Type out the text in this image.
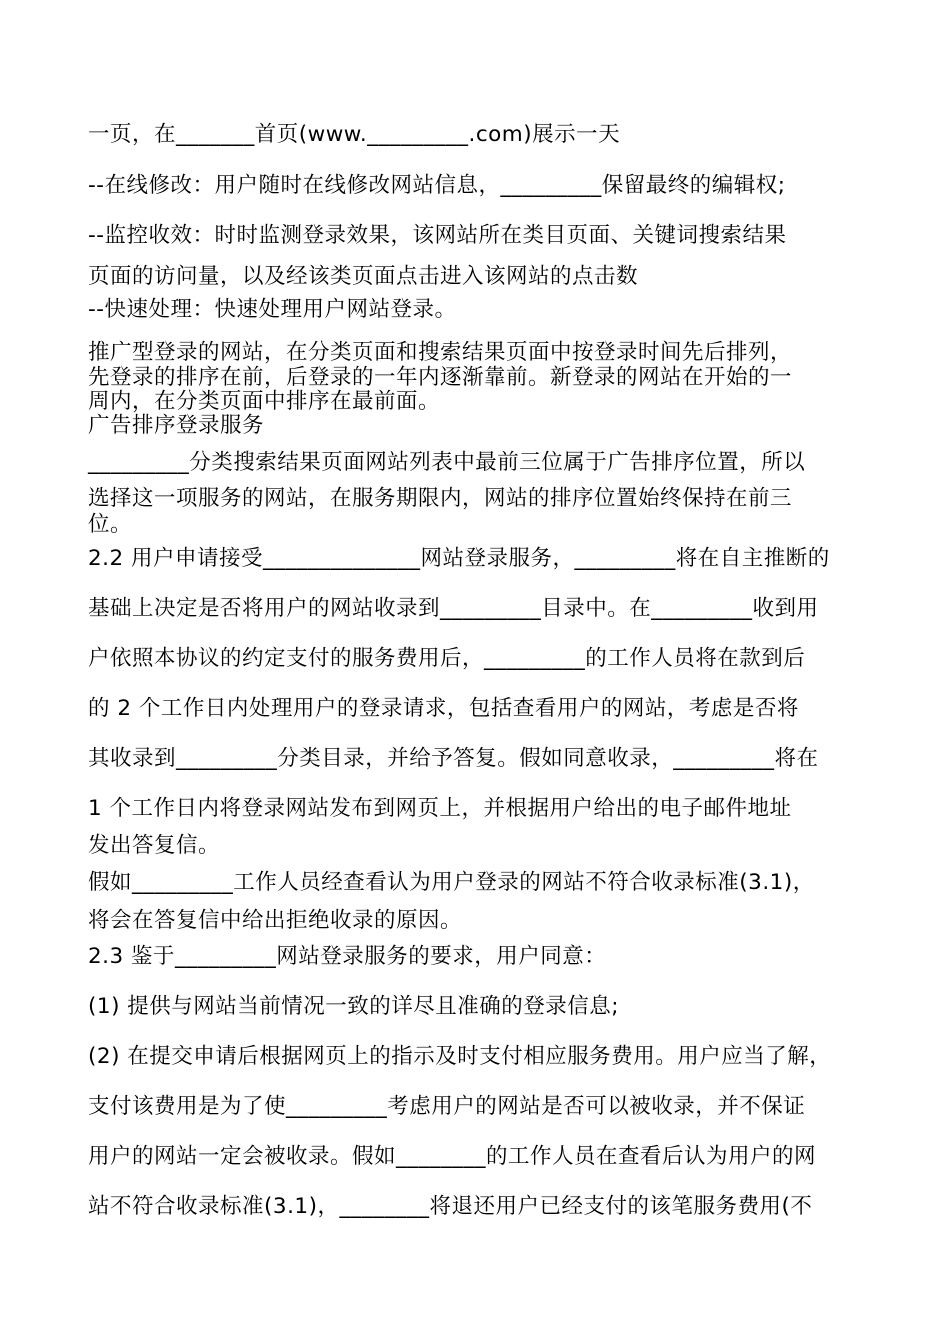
一页，在_______首页(www._________.com)展示一天
--在线修改：用户随时在线修改网站信息，_________保留最终的编辑权;
--监控收效：时时监测登录效果，该网站所在类目页面、关键词搜索结果
页面的访问量，以及经该类页面点击进入该网站的点击数
--快速处理：快速处理用户网站登录。
推广型登录的网站，在分类页面和搜索结果页面中按登录时间先后排列，
先登录的排序在前，后登录的一年内逐渐靠前。新登录的网站在开始的一
周内，在分类页面中排序在最前面。
广告排序登录服务
_________分类搜索结果页面网站列表中最前三位属于广告排序位置，所以
选择这一项服务的网站，在服务期限内，网站的排序位置始终保持在前三
位。
2.2 用户申请接受______________网站登录服务，_________将在自主推断的
基础上决定是否将用户的网站收录到_________目录中。在_________收到用
户依照本协议的约定支付的服务费用后，_________的工作人员将在款到后
的 2 个工作日内处理用户的登录请求，包括查看用户的网站，考虑是否将
其收录到_________分类目录，并给予答复。假如同意收录，_________将在
1 个工作日内将登录网站发布到网页上，并根据用户给出的电子邮件地址
发出答复信。
假如_________工作人员经查看认为用户登录的网站不符合收录标准(3.1)，
将会在答复信中给出拒绝收录的原因。
2.3 鉴于_________网站登录服务的要求，用户同意：
(1) 提供与网站当前情况一致的详尽且准确的登录信息;
(2) 在提交申请后根据网页上的指示及时支付相应服务费用。用户应当了解，
支付该费用是为了使_________考虑用户的网站是否可以被收录，并不保证
用户的网站一定会被收录。假如________的工作人员在查看后认为用户的网
站不符合收录标准(3.1)，________将退还用户已经支付的该笔服务费用(不
